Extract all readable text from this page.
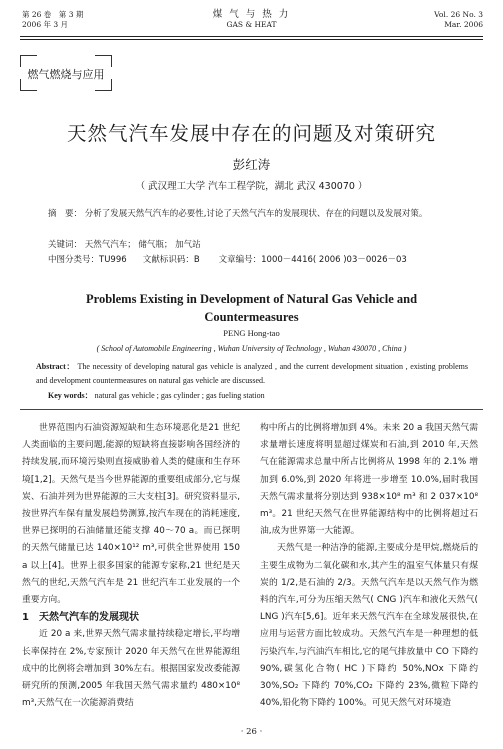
第 26 卷　第 3 期
2006 年 3 月
煤 气 与 热 力
GAS & HEAT
Vol. 26 No. 3
Mar. 2006
燃气燃烧与应用
天然气汽车发展中存在的问题及对策研究
彭红涛
（ 武汉理工大学 汽车工程学院，湖北 武汉 430070 ）
摘　要： 分析了发展天然气汽车的必要性,讨论了天然气汽车的发展现状、存在的问题以及发展对策。
关键词： 天然气汽车； 储气瓶； 加气站
中图分类号：TU996 文献标识码：B 文章编号：1000－4416( 2006 )03－0026－03
Problems Existing in Development of Natural Gas Vehicle and
Countermeasures
PENG Hong-tao
( School of Automobile Engineering , Wuhan University of Technology , Wuhan 430070 , China )
Abstract： The necessity of developing natural gas vehicle is analyzed , and the current development situation , existing problems and development countermeasures on natural gas vehicle are discussed.
Key words： natural gas vehicle ; gas cylinder ; gas fueling station

世界范围内石油资源短缺和生态环境恶化是21 世纪人类面临的主要问题,能源的短缺将直接影响各国经济的持续发展,而环境污染则直接威胁着人类的健康和生存环境[1,2]。天然气是当今世界能源的重要组成部分,它与煤炭、石油并列为世界能源的三大支柱[3]。研究资料显示,按世界汽车保有量发展趋势测算,按汽车现在的消耗速度,世界已探明的石油储量还能支撑 40～70 a。而已探明的天然气储量已达 140×10¹² m³,可供全世界使用 150 a 以上[4]。世界上很多国家的能源专家称,21 世纪是天然气的世纪,天然气汽车是 21 世纪汽车工业发展的一个重要方向。

1　天然气汽车的发展现状

近 20 a 来,世界天然气需求量持续稳定增长,平均增长率保持在 2%,专家预计 2020 年天然气在世界能源组成中的比例将会增加到 30%左右。根据国家发改委能源研究所的预测,2005 年我国天然气需求量约 480×10⁸ m³,天然气在一次能源消费结

构中所占的比例将增加到 4%。未来 20 a 我国天然气需求量增长速度将明显超过煤炭和石油,到 2010 年,天然气在能源需求总量中所占比例将从 1998 年的 2.1% 增加到 6.0%,到 2020 年将进一步增至 10.0%,届时我国天然气需求量将分别达到 938×10⁸ m³ 和 2 037×10⁸ m³。21 世纪天然气在世界能源结构中的比例将超过石油,成为世界第一大能源。

天然气是一种洁净的能源,主要成分是甲烷,燃烧后的主要生成物为二氧化碳和水,其产生的温室气体量只有煤炭的 1/2,是石油的 2/3。天然气汽车是以天然气作为燃料的汽车,可分为压缩天然气( CNG )汽车和液化天然气( LNG )汽车[5,6]。近年来天然气汽车在全球发展很快,在应用与运营方面比较成功。天然气汽车是一种理想的低污染汽车,与汽油汽车相比,它的尾气排放量中 CO 下降约 90%,碳氢化合物( HC )下降约 50%,NOx 下降约 30%,SO₂ 下降约 70%,CO₂ 下降约 23%,微粒下降约 40%,铅化物下降约 100%。可见天然气对环境造

· 26 ·
